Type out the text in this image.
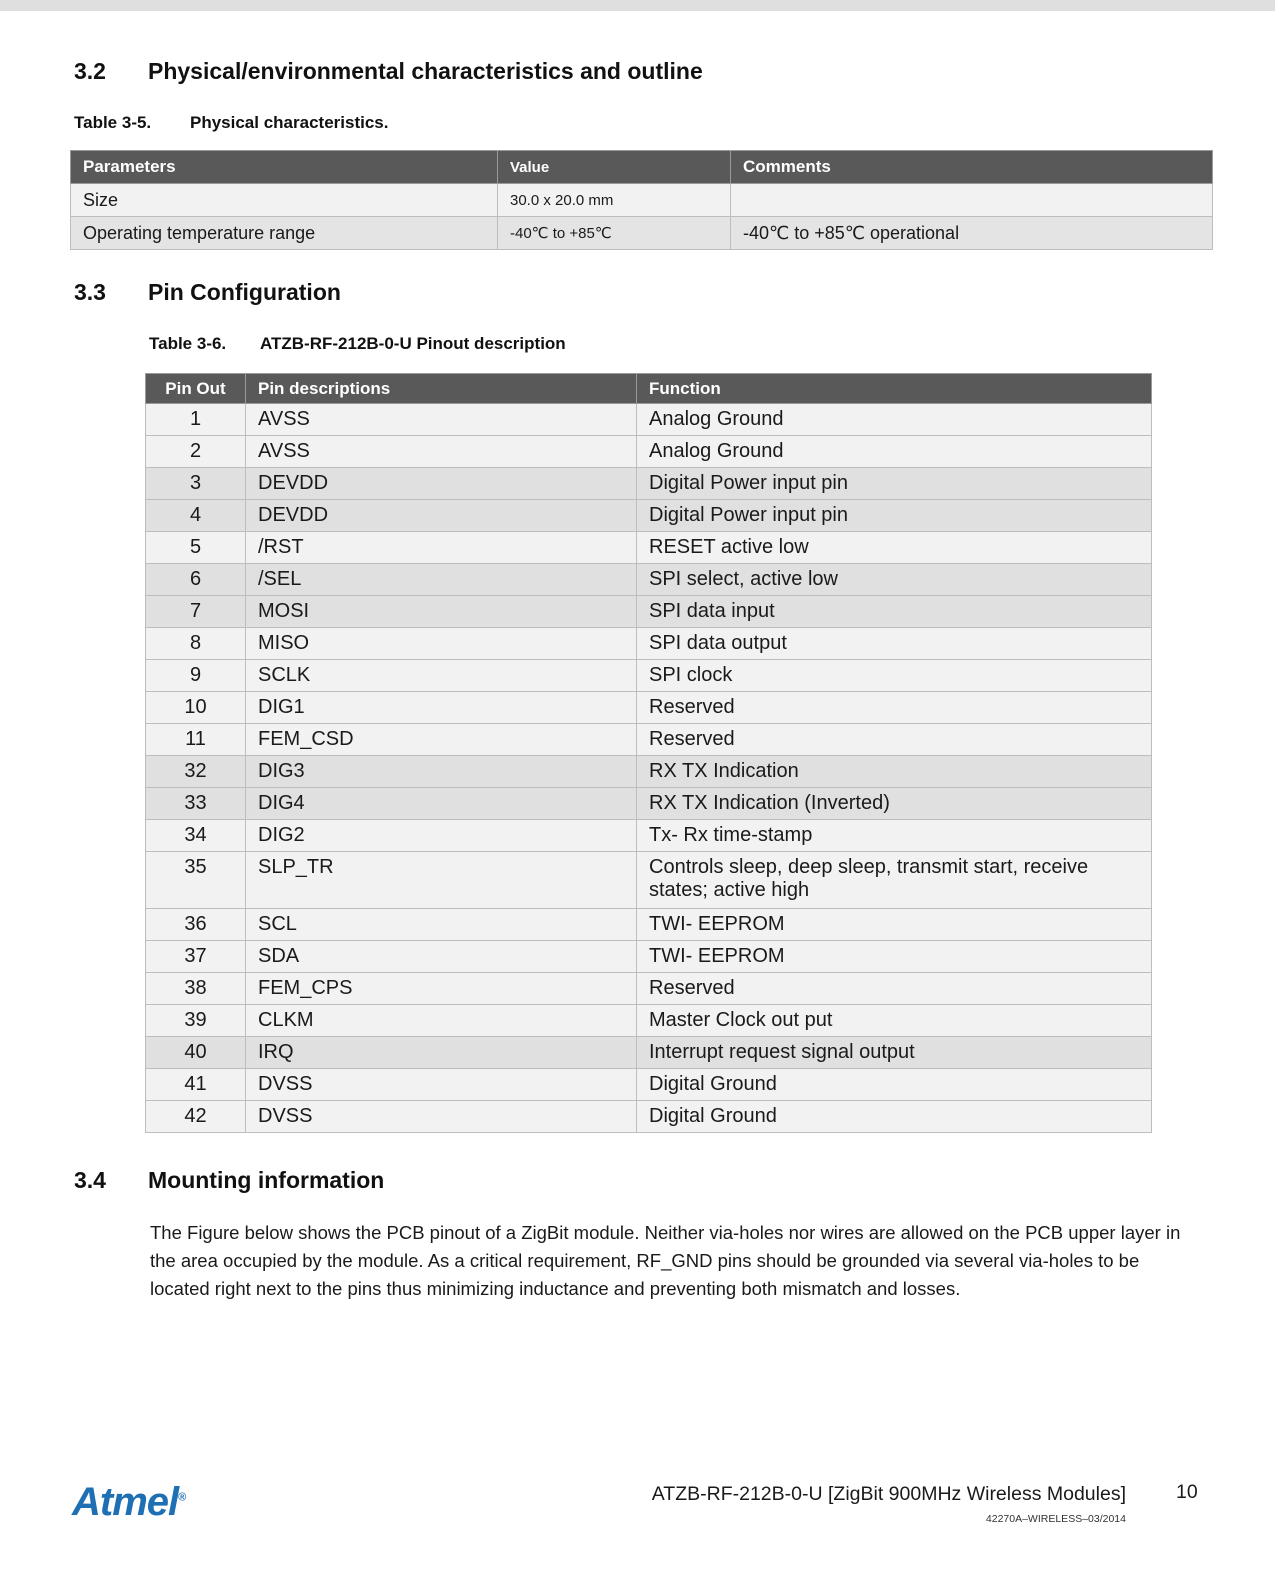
3.2 Physical/environmental characteristics and outline
Table 3-5. Physical characteristics.
Parameters	Value	Comments
Size	30.0 x 20.0 mm	
Operating temperature range	-40℃ to +85℃	-40℃ to +85℃ operational
3.3 Pin Configuration
Table 3-6. ATZB-RF-212B-0-U Pinout description
Pin Out	Pin descriptions	Function
1	AVSS	Analog Ground
2	AVSS	Analog Ground
3	DEVDD	Digital Power input pin
4	DEVDD	Digital Power input pin
5	/RST	RESET active low
6	/SEL	SPI select, active low
7	MOSI	SPI data input
8	MISO	SPI data output
9	SCLK	SPI clock
10	DIG1	Reserved
11	FEM_CSD	Reserved
32	DIG3	RX TX Indication
33	DIG4	RX TX Indication (Inverted)
34	DIG2	Tx- Rx time-stamp
35	SLP_TR	Controls sleep, deep sleep, transmit start, receive states; active high
36	SCL	TWI- EEPROM
37	SDA	TWI- EEPROM
38	FEM_CPS	Reserved
39	CLKM	Master Clock out put
40	IRQ	Interrupt request signal output
41	DVSS	Digital Ground
42	DVSS	Digital Ground
3.4 Mounting information
The Figure below shows the PCB pinout of a ZigBit module. Neither via-holes nor wires are allowed on the PCB upper layer in the area occupied by the module. As a critical requirement, RF_GND pins should be grounded via several via-holes to be located right next to the pins thus minimizing inductance and preventing both mismatch and losses.
Atmel®	ATZB-RF-212B-0-U [ZigBit 900MHz Wireless Modules]
42270A–WIRELESS–03/2014
10
